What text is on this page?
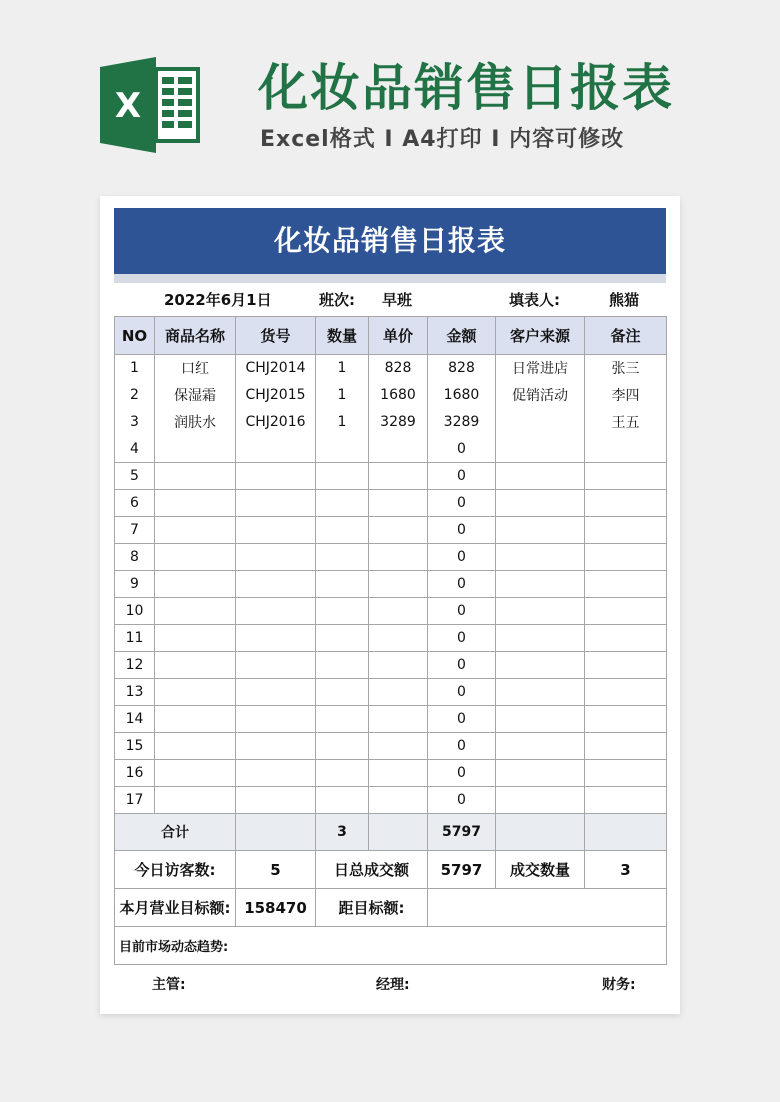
X 化妆品销售日报表
Excel格式 I A4打印 I 内容可修改
化妆品销售日报表
2022年6月1日	班次: 早班	填表人:	熊猫
NO	商品名称	货号	数量	单价	金额	客户来源	备注
1	口红	CHJ2014	1	828	828	日常进店	张三
2	保湿霜	CHJ2015	1	1680	1680	促销活动	李四
3	润肤水	CHJ2016	1	3289	3289		王五
4					0		
5					0		
6					0		
7					0		
8					0		
9					0		
10					0		
11					0		
12					0		
13					0		
14					0		
15					0		
16					0		
17					0		
合计			3		5797		
今日访客数:		5	日总成交额		5797	成交数量	3
本月营业目标额:		158470	距目标额:				
目前市场动态趋势:							
主管:	经理:	财务:
